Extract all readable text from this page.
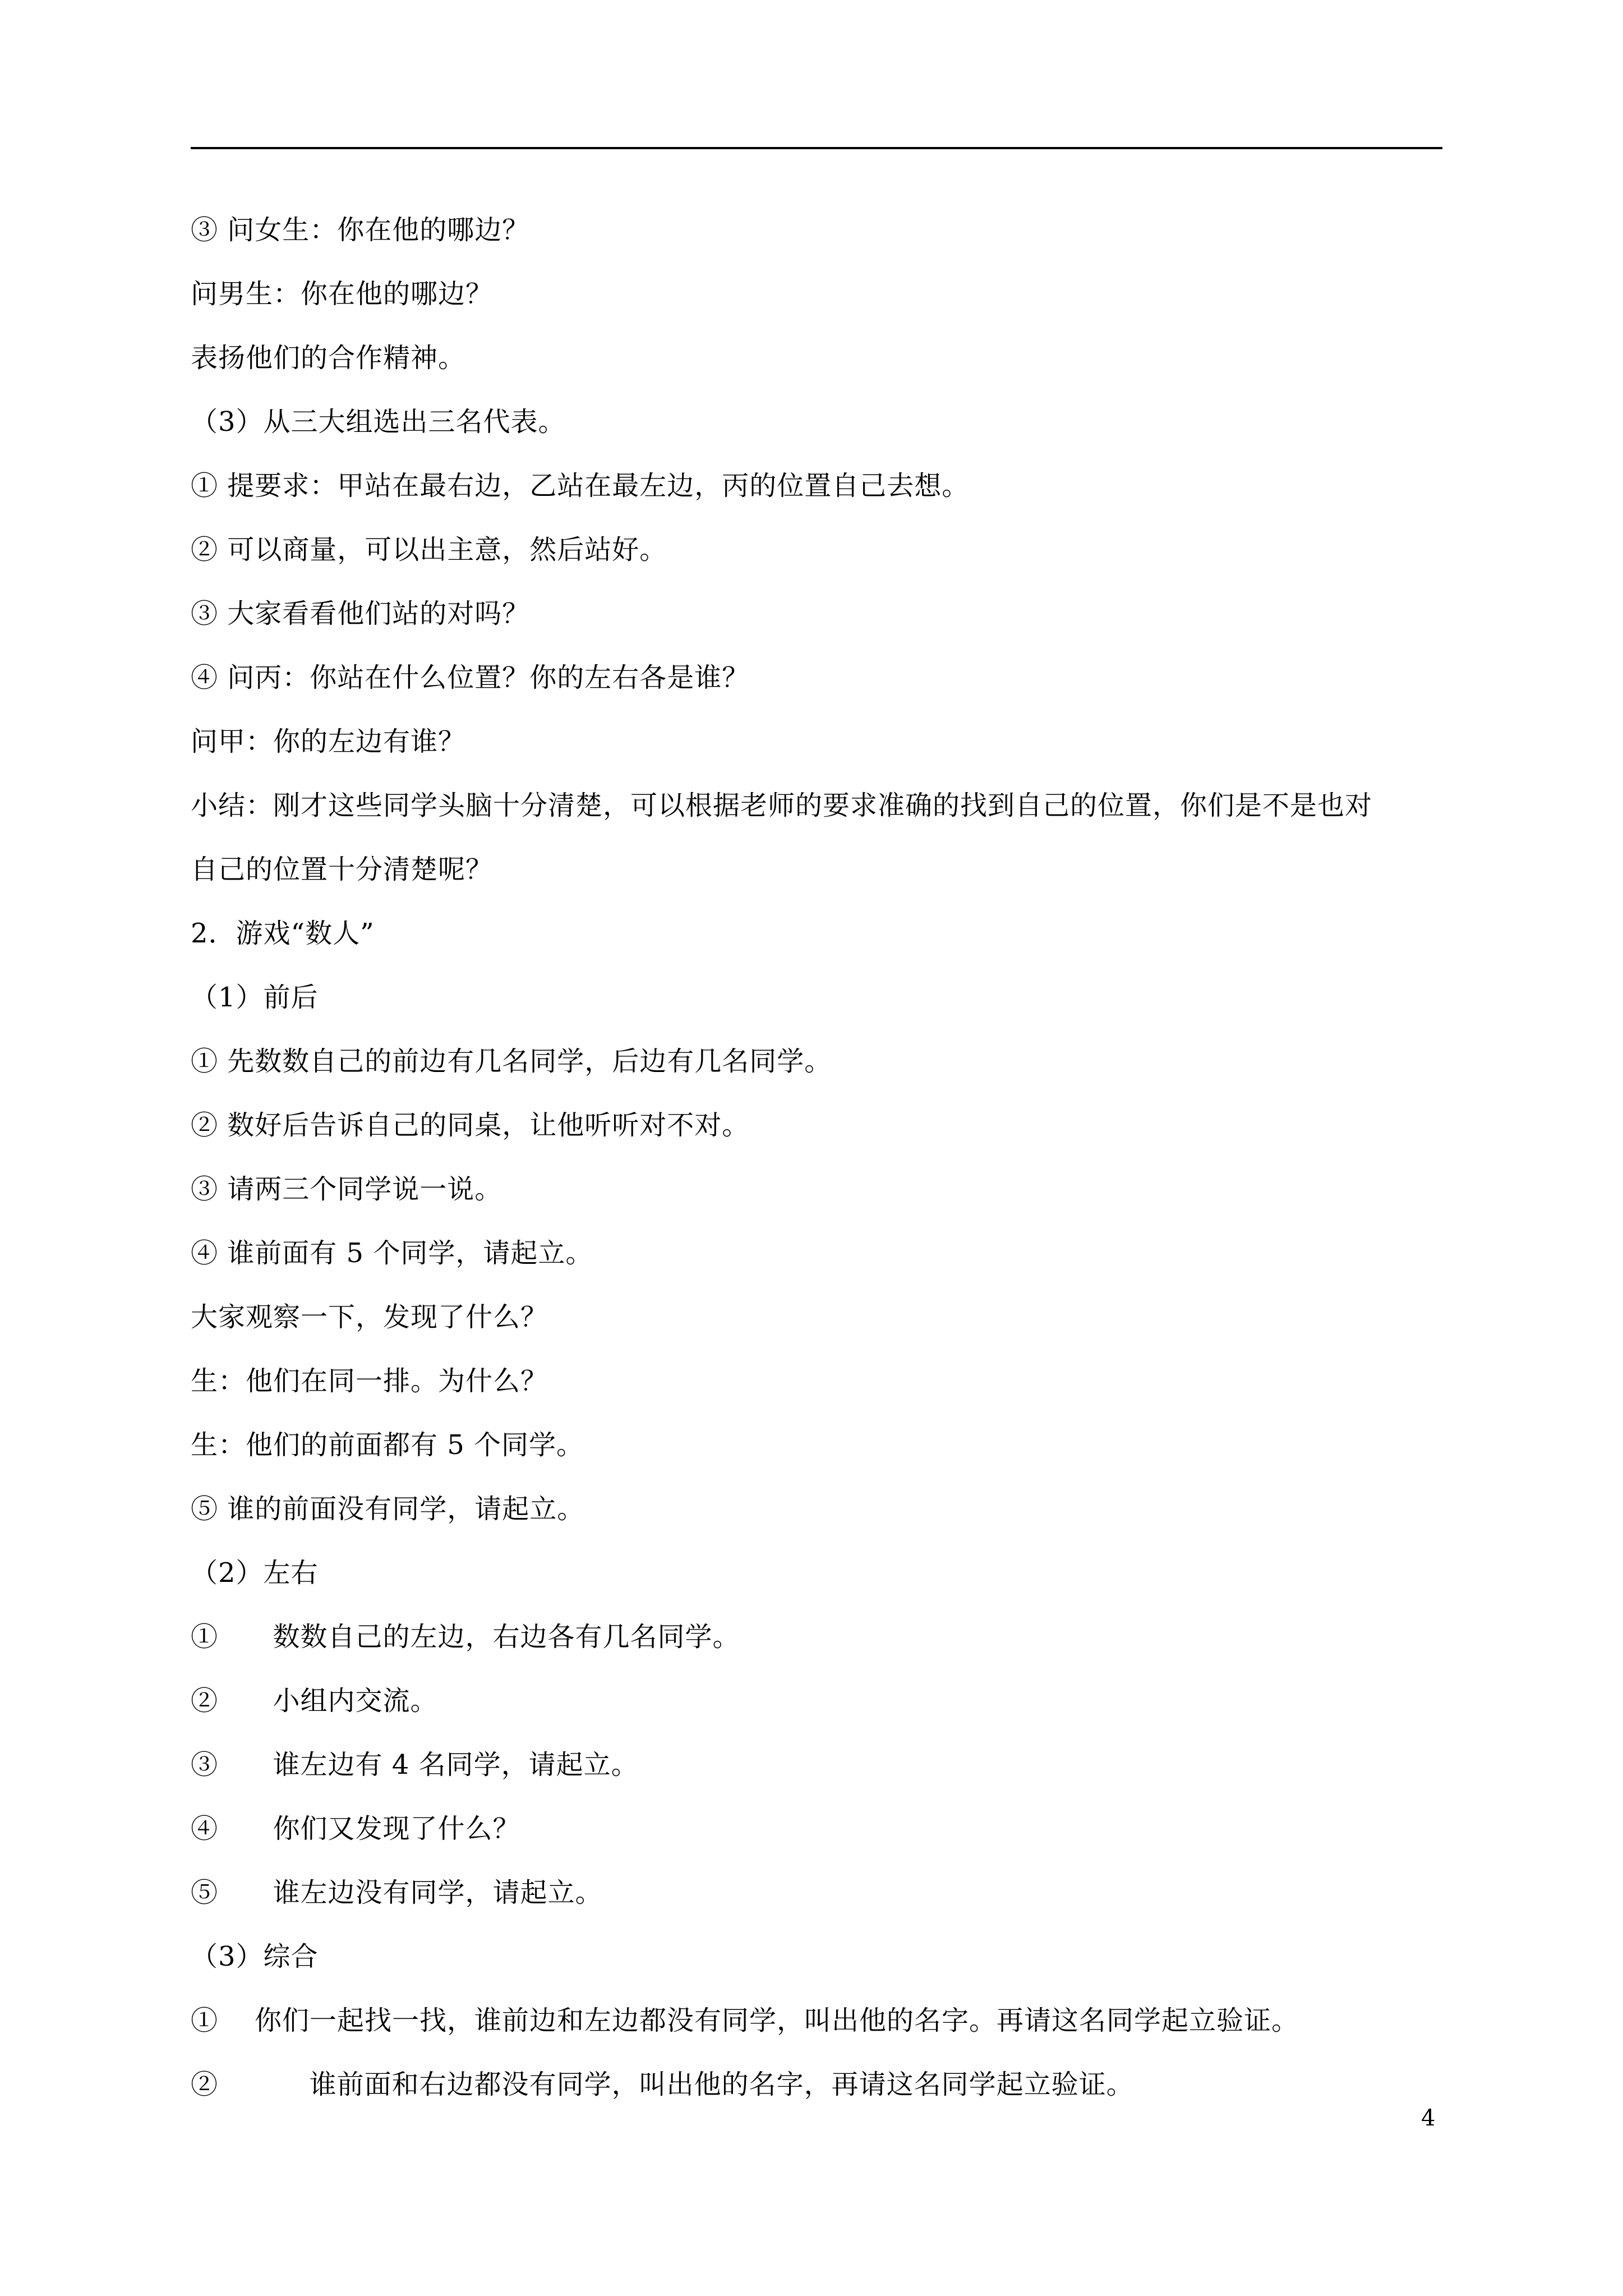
③ 问女生：你在他的哪边？
问男生：你在他的哪边？
表扬他们的合作精神。
（3）从三大组选出三名代表。
① 提要求：甲站在最右边，乙站在最左边，丙的位置自己去想。
② 可以商量，可以出主意，然后站好。
③ 大家看看他们站的对吗？
④ 问丙：你站在什么位置？你的左右各是谁？
问甲：你的左边有谁？
小结：刚才这些同学头脑十分清楚，可以根据老师的要求准确的找到自己的位置，你们是不是也对
自己的位置十分清楚呢？
2．游戏“数人”
（1）前后
① 先数数自己的前边有几名同学，后边有几名同学。
② 数好后告诉自己的同桌，让他听听对不对。
③ 请两三个同学说一说。
④ 谁前面有 5 个同学，请起立。
大家观察一下，发现了什么？
生：他们在同一排。为什么？
生：他们的前面都有 5 个同学。
⑤ 谁的前面没有同学，请起立。
（2）左右
①      数数自己的左边，右边各有几名同学。
②      小组内交流。
③      谁左边有 4 名同学，请起立。
④      你们又发现了什么？
⑤      谁左边没有同学，请起立。
（3）综合
①    你们一起找一找，谁前边和左边都没有同学，叫出他的名字。再请这名同学起立验证。
②          谁前面和右边都没有同学，叫出他的名字，再请这名同学起立验证。
4
